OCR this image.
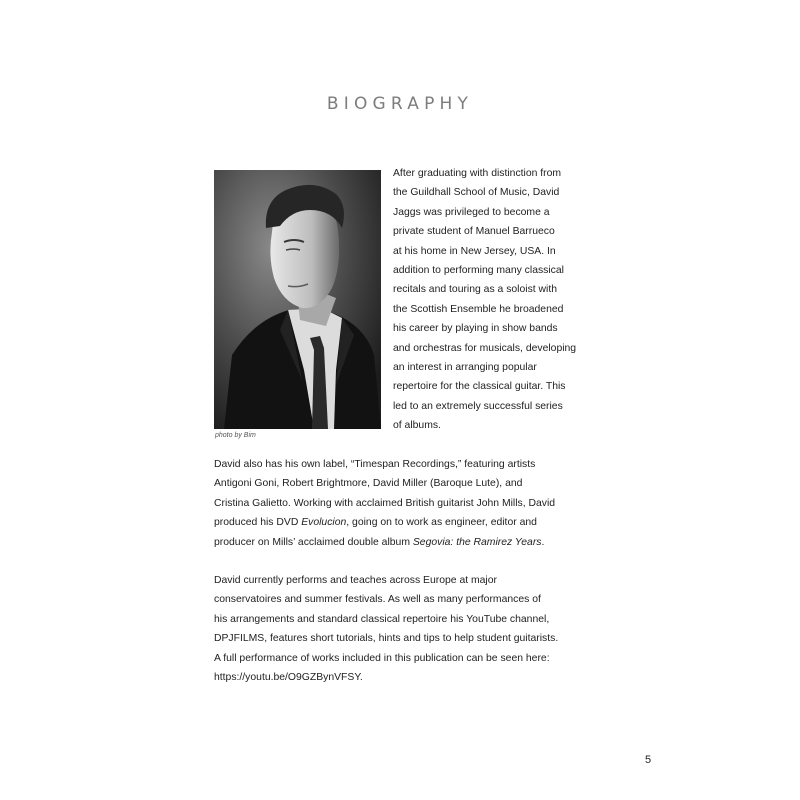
BIOGRAPHY
photo by Bim
After graduating with distinction from
the Guildhall School of Music, David
Jaggs was privileged to become a
private student of Manuel Barrueco
at his home in New Jersey, USA. In
addition to performing many classical
recitals and touring as a soloist with
the Scottish Ensemble he broadened
his career by playing in show bands
and orchestras for musicals, developing
an interest in arranging popular
repertoire for the classical guitar. This
led to an extremely successful series
of albums.
David also has his own label, “Timespan Recordings,” featuring artists
Antigoni Goni, Robert Brightmore, David Miller (Baroque Lute), and
Cristina Galietto. Working with acclaimed British guitarist John Mills, David
produced his DVD Evolucion, going on to work as engineer, editor and
producer on Mills’ acclaimed double album Segovia: the Ramirez Years.
David currently performs and teaches across Europe at major
conservatoires and summer festivals. As well as many performances of
his arrangements and standard classical repertoire his YouTube channel,
DPJFILMS, features short tutorials, hints and tips to help student guitarists.
A full performance of works included in this publication can be seen here:
https://youtu.be/O9GZBynVFSY.
5
